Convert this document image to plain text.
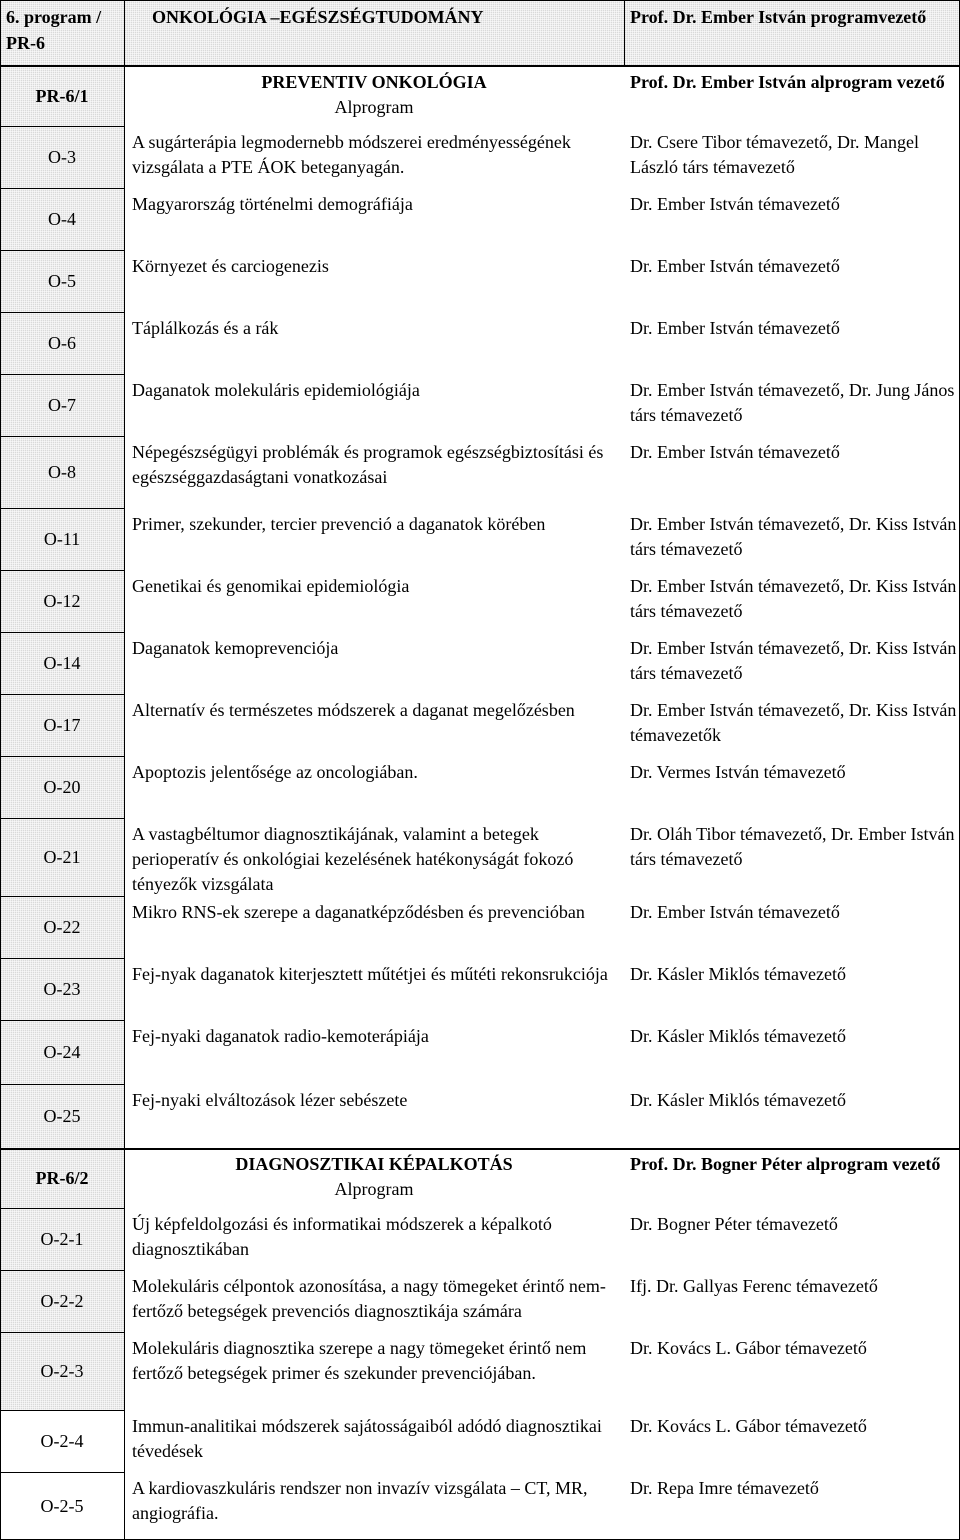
6. program / PR-6
ONKOLÓGIA –EGÉSZSÉGTUDOMÁNY	Prof. Dr. Ember István programvezető
PR-6/1
PREVENTIV ONKOLÓGIA
Alprogram
Prof. Dr. Ember István alprogram vezető
O-3
A sugárterápia legmodernebb módszerei eredményességének vizsgálata a PTE ÁOK beteganyagán.
Dr. Csere Tibor témavezető, Dr. Mangel László társ témavezető
O-4
Magyarország történelmi demográfiája	Dr. Ember István témavezető
O-5
Környezet és carciogenezis	Dr. Ember István témavezető
O-6
Táplálkozás és a rák	Dr. Ember István témavezető
O-7
Daganatok molekuláris epidemiológiája	Dr. Ember István témavezető, Dr. Jung János társ témavezető
O-8
Népegészségügyi problémák és programok egészségbiztosítási és egészséggazdaságtani vonatkozásai
Dr. Ember István témavezető
O-11
Primer, szekunder, tercier prevenció a daganatok körében	Dr. Ember István témavezető, Dr. Kiss István társ témavezető
O-12
Genetikai és genomikai epidemiológia	Dr. Ember István témavezető, Dr. Kiss István társ témavezető
O-14
Daganatok kemoprevenciója	Dr. Ember István témavezető, Dr. Kiss István társ témavezető
O-17
Alternatív és természetes módszerek a daganat megelőzésben	Dr. Ember István témavezető, Dr. Kiss István témavezetők
O-20
Apoptozis jelentősége az oncologiában.	Dr. Vermes István témavezető
O-21
A vastagbéltumor diagnosztikájának, valamint a betegek perioperatív és onkológiai kezelésének hatékonyságát fokozó tényezők vizsgálata
Dr. Oláh Tibor témavezető, Dr. Ember István társ témavezető
O-22
Mikro RNS-ek szerepe a daganatképződésben és prevencióban	Dr. Ember István témavezető
O-23
Fej-nyak daganatok kiterjesztett műtétjei és műtéti rekonsrukciója	Dr. Kásler Miklós témavezető
O-24
Fej-nyaki daganatok radio-kemoterápiája	Dr. Kásler Miklós témavezető
O-25
Fej-nyaki elváltozások lézer sebészete	Dr. Kásler Miklós témavezető
PR-6/2
DIAGNOSZTIKAI KÉPALKOTÁS
Alprogram
Prof. Dr. Bogner Péter alprogram vezető
O-2-1
Új képfeldolgozási és informatikai módszerek a képalkotó diagnosztikában
Dr. Bogner Péter témavezető
O-2-2
Molekuláris célpontok azonosítása, a nagy tömegeket érintő nem-fertőző betegségek prevenciós diagnosztikája számára
Ifj. Dr. Gallyas Ferenc témavezető
O-2-3
Molekuláris diagnosztika szerepe a nagy tömegeket érintő nem fertőző betegségek primer és szekunder prevenciójában.
Dr. Kovács L. Gábor témavezető
O-2-4
Immun-analitikai módszerek sajátosságaiból adódó diagnosztikai tévedések
Dr. Kovács L. Gábor témavezető
O-2-5
A kardiovaszkuláris rendszer non invazív vizsgálata – CT, MR, angiográfia.
Dr. Repa Imre témavezető
